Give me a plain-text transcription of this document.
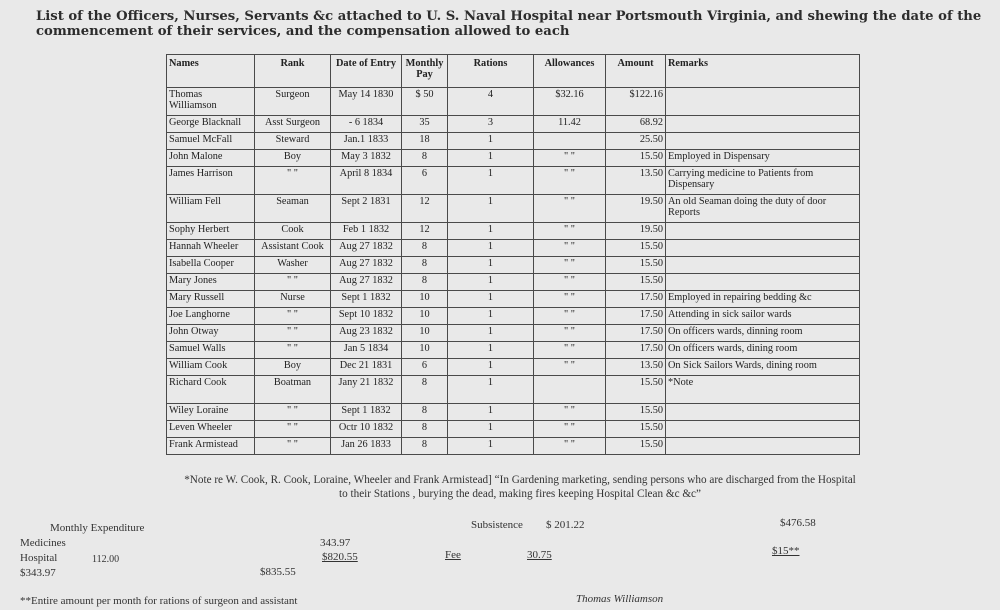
List of the Officers, Nurses, Servants &c attached to U. S. Naval Hospital near Portsmouth Virginia, and shewing the date of the commencement of their services, and the compensation allowed to each
Names	Rank	Date of Entry	Monthly Pay	Rations	Allowances	Amount	Remarks
Thomas Williamson	Surgeon	May 14 1830	$ 50	4	$32.16	$122.16	
George Blacknall	Asst Surgeon	- 6 1834	35	3	11.42	68.92	
Samuel McFall	Steward	Jan.1 1833	18	1		25.50	
John Malone	Boy	May 3 1832	8	1	" "	15.50	Employed in Dispensary
James Harrison	" "	April 8 1834	6	1	" "	13.50	Carrying medicine to Patients from Dispensary
William Fell	Seaman	Sept 2 1831	12	1	" "	19.50	An old Seaman doing the duty of door Reports
Sophy Herbert	Cook	Feb 1 1832	12	1	" "	19.50	
Hannah Wheeler	Assistant Cook	Aug 27 1832	8	1	" "	15.50	
Isabella Cooper	Washer	Aug 27 1832	8	1	" "	15.50	
Mary Jones	" "	Aug 27 1832	8	1	" "	15.50	
Mary Russell	Nurse	Sept 1 1832	10	1	" "	17.50	Employed in repairing bedding &c
Joe Langhorne	" "	Sept 10 1832	10	1	" "	17.50	Attending in sick sailor wards
John Otway	" "	Aug 23 1832	10	1	" "	17.50	On officers wards, dinning room
Samuel Walls	" "	Jan 5 1834	10	1	" "	17.50	On officers wards, dining room
William Cook	Boy	Dec 21 1831	6	1	" "	13.50	On Sick Sailors Wards, dining room
Richard Cook	Boatman	Jany 21 1832	8	1		15.50	*Note
Wiley Loraine	" "	Sept 1 1832	8	1	" "	15.50	
Leven Wheeler	" "	Octr 10 1832	8	1	" "	15.50	
Frank Armistead	" "	Jan 26 1833	8	1	" "	15.50	
*Note re W. Cook, R. Cook, Loraine, Wheeler and Frank Armistead] “In Gardening marketing, sending persons who are discharged from the Hospital
to their Stations , burying the dead, making fires keeping Hospital Clean &c &c”
Monthly Expenditure
Medicines
Hospital	112.00
$343.97	$835.55
343.97
$820.55
Subsistence $ 201.22
Fee	30.75
$476.58
$15**
**Entire amount per month for rations of surgeon and assistant	Thomas Williamson
